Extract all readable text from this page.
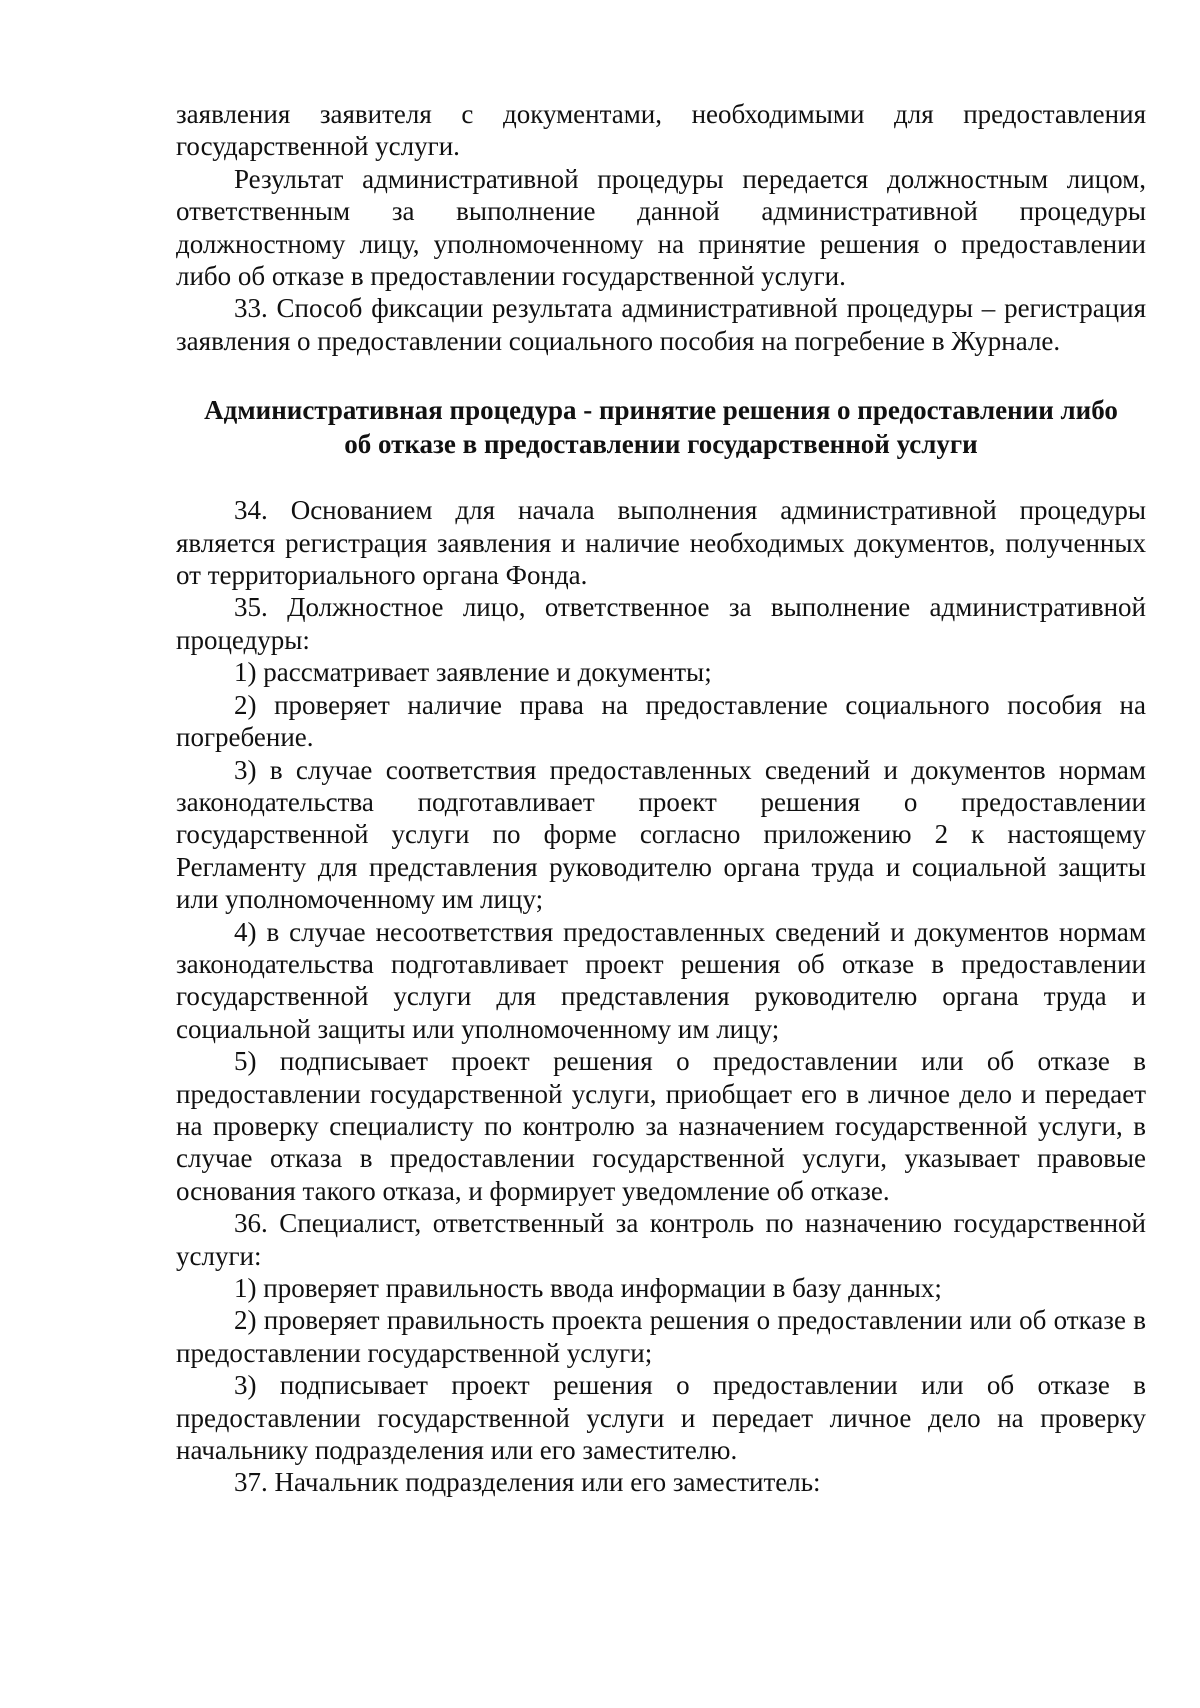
заявления заявителя с документами, необходимыми для предоставления государственной услуги.

Результат административной процедуры передается должностным лицом, ответственным за выполнение данной административной процедуры должностному лицу, уполномоченному на принятие решения о предоставлении либо об отказе в предоставлении государственной услуги.

33. Способ фиксации результата административной процедуры – регистрация заявления о предоставлении социального пособия на погребение в Журнале.

Административная процедура - принятие решения о предоставлении либо
об отказе в предоставлении государственной услуги

34. Основанием для начала выполнения административной процедуры является регистрация заявления и наличие необходимых документов, полученных от территориального органа Фонда.

35. Должностное лицо, ответственное за выполнение административной процедуры:

1) рассматривает заявление и документы;

2) проверяет наличие права на предоставление социального пособия на погребение.

3) в случае соответствия предоставленных сведений и документов нормам законодательства подготавливает проект решения о предоставлении государственной услуги по форме согласно приложению 2 к настоящему Регламенту для представления руководителю органа труда и социальной защиты или уполномоченному им лицу;

4) в случае несоответствия предоставленных сведений и документов нормам законодательства подготавливает проект решения об отказе в предоставлении государственной услуги для представления руководителю органа труда и социальной защиты или уполномоченному им лицу;

5) подписывает проект решения о предоставлении или об отказе в предоставлении государственной услуги, приобщает его в личное дело и передает на проверку специалисту по контролю за назначением государственной услуги, в случае отказа в предоставлении государственной услуги, указывает правовые основания такого отказа, и формирует уведомление об отказе.

36. Специалист, ответственный за контроль по назначению государственной услуги:

1) проверяет правильность ввода информации в базу данных;

2) проверяет правильность проекта решения о предоставлении или об отказе в предоставлении государственной услуги;

3) подписывает проект решения о предоставлении или об отказе в предоставлении государственной услуги и передает личное дело на проверку начальнику подразделения или его заместителю.

37. Начальник подразделения или его заместитель:
